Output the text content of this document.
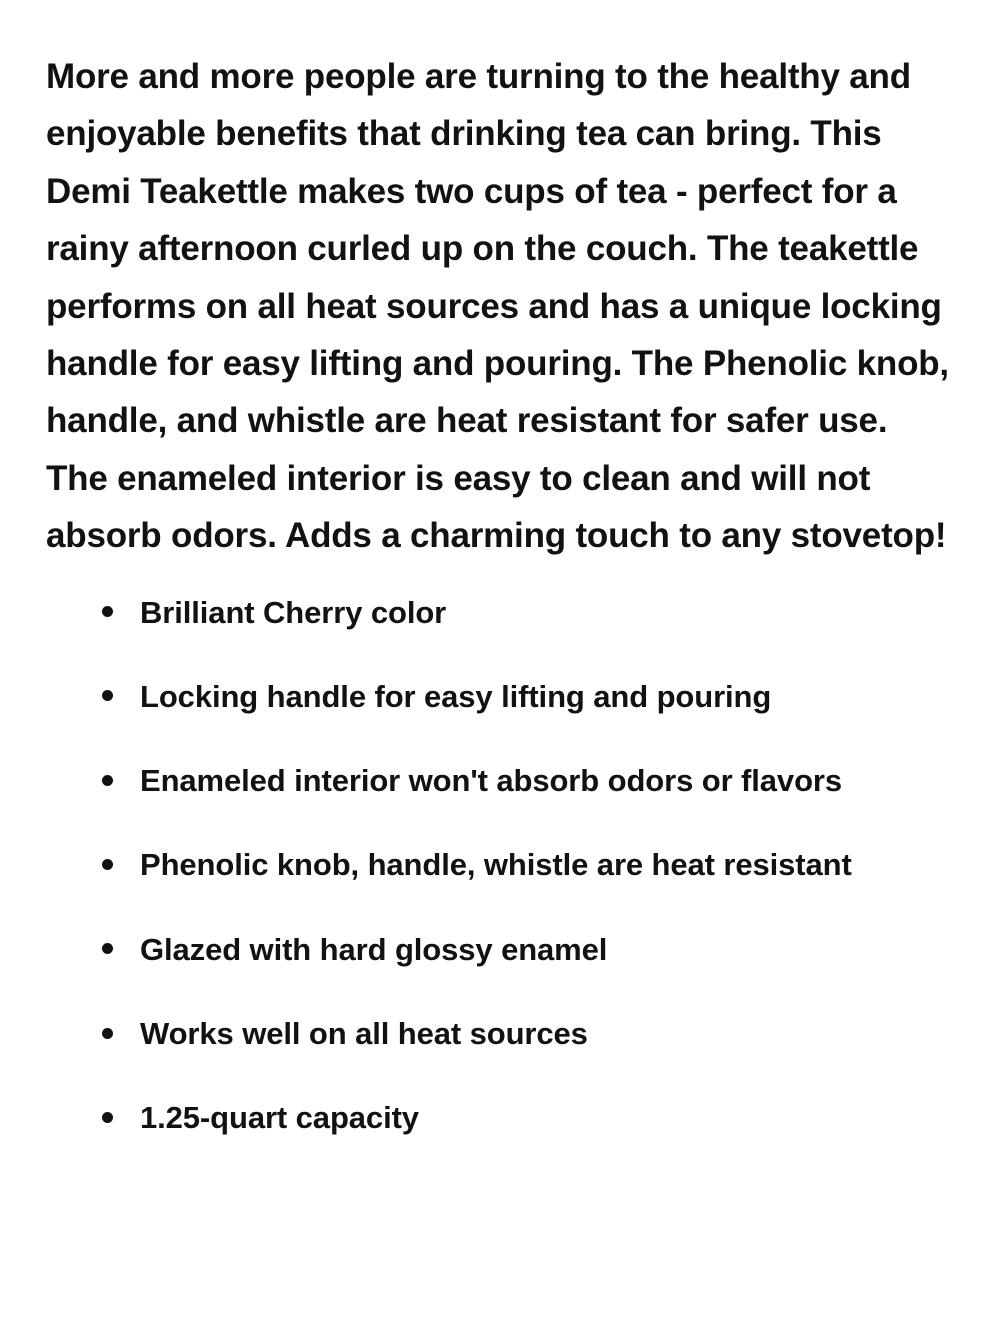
More and more people are turning to the healthy and enjoyable benefits that drinking tea can bring. This Demi Teakettle makes two cups of tea - perfect for a rainy afternoon curled up on the couch. The teakettle performs on all heat sources and has a unique locking handle for easy lifting and pouring. The Phenolic knob, handle, and whistle are heat resistant for safer use. The enameled interior is easy to clean and will not absorb odors. Adds a charming touch to any stovetop!

Brilliant Cherry color
Locking handle for easy lifting and pouring
Enameled interior won't absorb odors or flavors
Phenolic knob, handle, whistle are heat resistant
Glazed with hard glossy enamel
Works well on all heat sources
1.25-quart capacity
